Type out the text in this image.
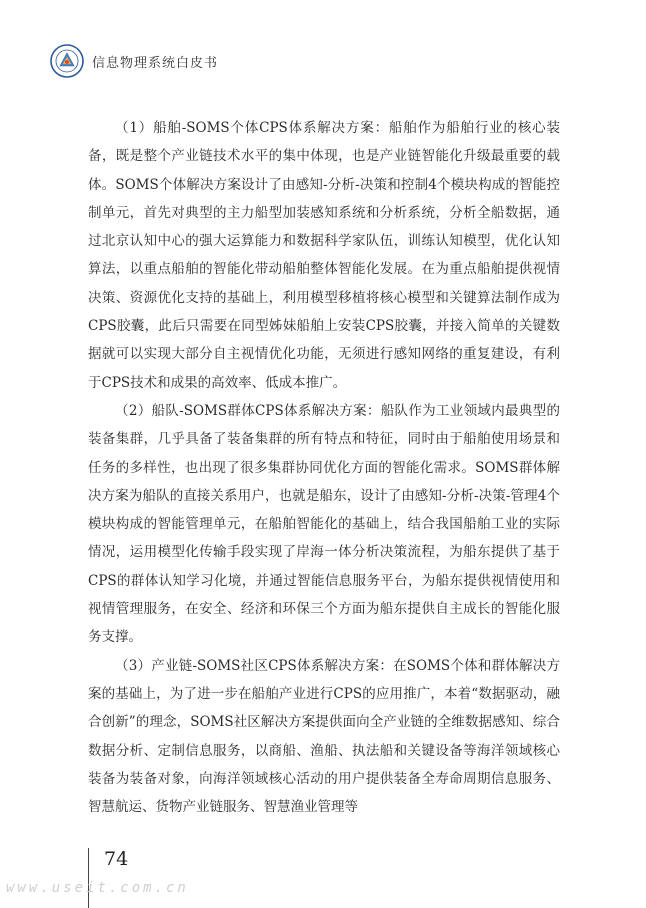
信息物理系统白皮书

（1）船舶-SOMS个体CPS体系解决方案：船舶作为船舶行业的核心装备，既是整个产业链技术水平的集中体现，也是产业链智能化升级最重要的载体。SOMS个体解决方案设计了由感知-分析-决策和控制4个模块构成的智能控制单元，首先对典型的主力船型加装感知系统和分析系统，分析全船数据，通过北京认知中心的强大运算能力和数据科学家队伍，训练认知模型，优化认知算法，以重点船舶的智能化带动船舶整体智能化发展。在为重点船舶提供视情决策、资源优化支持的基础上，利用模型移植将核心模型和关键算法制作成为CPS胶囊，此后只需要在同型姊妹船舶上安装CPS胶囊，并接入简单的关键数据就可以实现大部分自主视情优化功能，无须进行感知网络的重复建设，有利于CPS技术和成果的高效率、低成本推广。

（2）船队-SOMS群体CPS体系解决方案：船队作为工业领域内最典型的装备集群，几乎具备了装备集群的所有特点和特征，同时由于船舶使用场景和任务的多样性，也出现了很多集群协同优化方面的智能化需求。SOMS群体解决方案为船队的直接关系用户，也就是船东，设计了由感知-分析-决策-管理4个模块构成的智能管理单元，在船舶智能化的基础上，结合我国船舶工业的实际情况，运用模型化传输手段实现了岸海一体分析决策流程，为船东提供了基于CPS的群体认知学习化境，并通过智能信息服务平台，为船东提供视情使用和视情管理服务，在安全、经济和环保三个方面为船东提供自主成长的智能化服务支撑。

（3）产业链-SOMS社区CPS体系解决方案：在SOMS个体和群体解决方案的基础上，为了进一步在船舶产业进行CPS的应用推广，本着“数据驱动，融合创新”的理念，SOMS社区解决方案提供面向全产业链的全维数据感知、综合数据分析、定制信息服务，以商船、渔船、执法船和关键设备等海洋领域核心装备为装备对象，向海洋领域核心活动的用户提供装备全寿命周期信息服务、智慧航运、货物产业链服务、智慧渔业管理等

74
www.useit.com.cn
